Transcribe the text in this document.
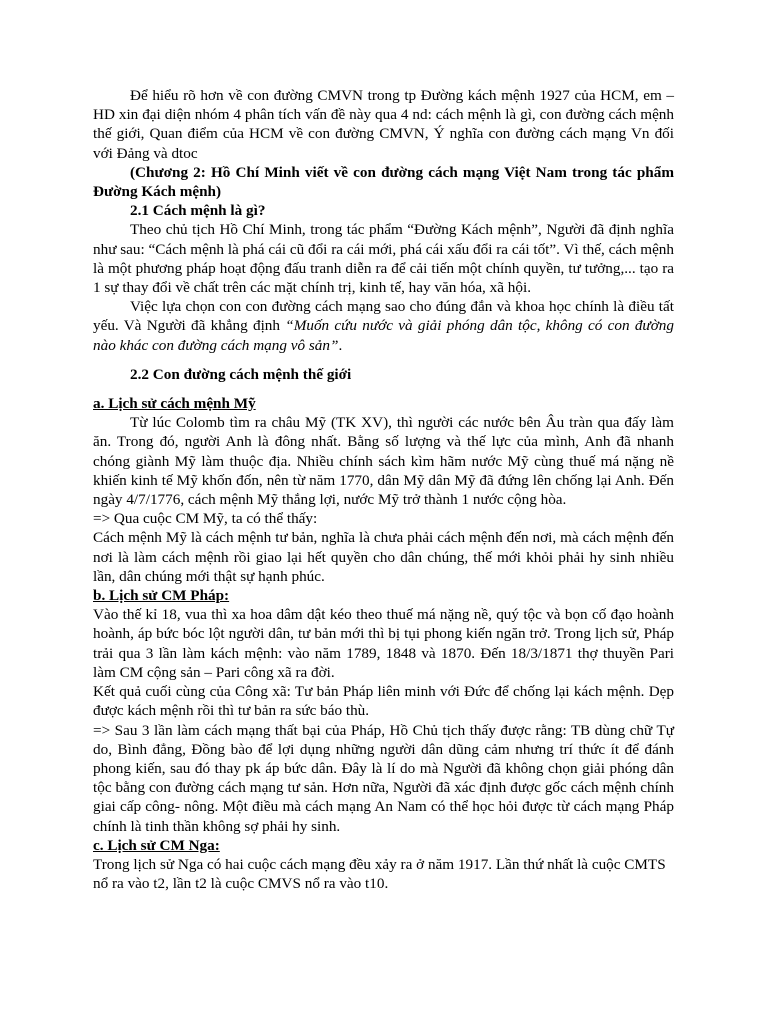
Để hiểu rõ hơn về con đường CMVN trong tp Đường kách mệnh 1927 của HCM, em – HD xin đại diện nhóm 4 phân tích vấn đề này qua 4 nd: cách mệnh là gì, con đường cách mệnh thế giới, Quan điểm của HCM về con đường CMVN, Ý nghĩa con đường cách mạng Vn đối với Đảng và dtoc

(Chương 2: Hồ Chí Minh viết về con đường cách mạng Việt Nam trong tác phẩm Đường Kách mệnh)

2.1 Cách mệnh là gì?

Theo chủ tịch Hồ Chí Minh, trong tác phẩm “Đường Kách mệnh”, Người đã định nghĩa như sau: “Cách mệnh là phá cái cũ đổi ra cái mới, phá cái xấu đổi ra cái tốt”. Vì thế, cách mệnh là một phương pháp hoạt động đấu tranh diễn ra để cải tiến một chính quyền, tư tưởng,... tạo ra 1 sự thay đổi về chất trên các mặt chính trị, kinh tế, hay văn hóa, xã hội.

Việc lựa chọn con con đường cách mạng sao cho đúng đắn và khoa học chính là điều tất yếu. Và Người đã khẳng định “Muốn cứu nước và giải phóng dân tộc, không có con đường nào khác con đường cách mạng vô sản”.

2.2 Con đường cách mệnh thế giới

a. Lịch sử cách mệnh Mỹ

Từ lúc Colomb tìm ra châu Mỹ (TK XV), thì người các nước bên Âu tràn qua đấy làm ăn. Trong đó, người Anh là đông nhất. Bằng số lượng và thế lực của mình, Anh đã nhanh chóng giành Mỹ làm thuộc địa. Nhiều chính sách kìm hãm nước Mỹ cùng thuế má nặng nề khiến kinh tế Mỹ khốn đốn, nên từ năm 1770, dân Mỹ dân Mỹ đã đứng lên chống lại Anh. Đến ngày 4/7/1776, cách mệnh Mỹ thắng lợi, nước Mỹ trở thành 1 nước cộng hòa.

=> Qua cuộc CM Mỹ, ta có thể thấy:

Cách mệnh Mỹ là cách mệnh tư bản, nghĩa là chưa phải cách mệnh đến nơi, mà cách mệnh đến nơi là làm cách mệnh rồi giao lại hết quyền cho dân chúng, thế mới khỏi phải hy sinh nhiều lần, dân chúng mới thật sự hạnh phúc.

b. Lịch sử CM Pháp:

Vào thế kỉ 18, vua thì xa hoa dâm dật kéo theo thuế má nặng nề, quý tộc và bọn cố đạo hoành hoành, áp bức bóc lột người dân, tư bản mới thì bị tụi phong kiến ngăn trở. Trong lịch sử, Pháp trải qua 3 lần làm kách mệnh: vào năm 1789, 1848 và 1870. Đến 18/3/1871 thợ thuyền Pari làm CM cộng sản – Pari công xã ra đời.

Kết quả cuối cùng của Công xã: Tư bản Pháp liên minh với Đức để chống lại kách mệnh. Dẹp được kách mệnh rồi thì tư bản ra sức báo thù.

=> Sau 3 lần làm cách mạng thất bại của Pháp, Hồ Chủ tịch thấy được rằng: TB dùng chữ Tự do, Bình đẳng, Đồng bào để lợi dụng những người dân dũng cảm nhưng trí thức ít để đánh phong kiến, sau đó thay pk áp bức dân. Đây là lí do mà Người đã không chọn giải phóng dân tộc bằng con đường cách mạng tư sản. Hơn nữa, Người đã xác định được gốc cách mệnh chính giai cấp công- nông. Một điều mà cách mạng An Nam có thể học hỏi được từ cách mạng Pháp chính là tinh thần không sợ phải hy sinh.

c. Lịch sử CM Nga:

Trong lịch sử Nga có hai cuộc cách mạng đều xảy ra ở năm 1917. Lần thứ nhất là cuộc CMTS nổ ra vào t2, lần t2 là cuộc CMVS nổ ra vào t10.
